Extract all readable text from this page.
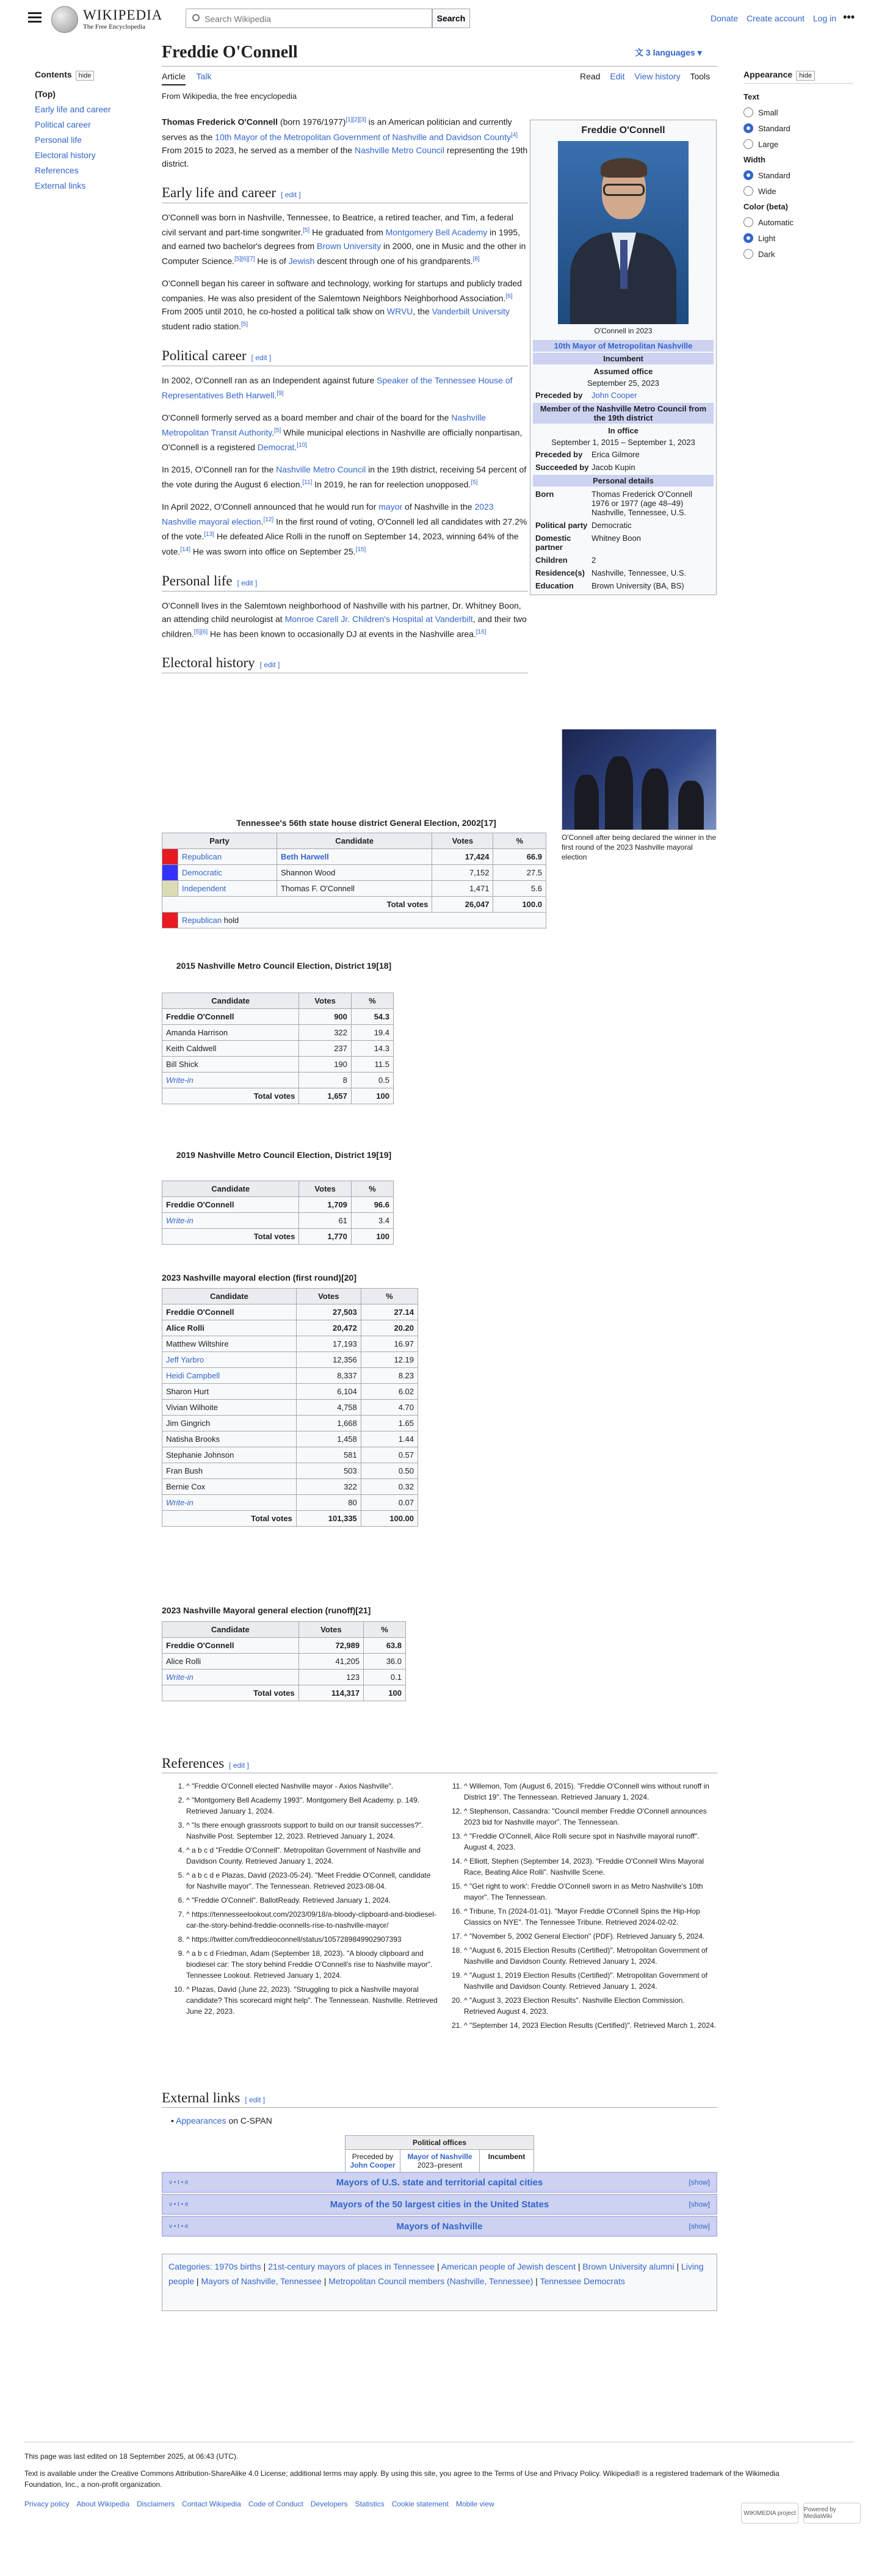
WIKIPEDIA
The Free Encyclopedia
Search Wikipedia
Search	Donate Create account Log in •••
Contents hide
(Top)
Early life and career
Political career
Personal life
Electoral history
References
External links
Freddie O'Connell	文 3 languages ▾
Article Talk	Read Edit View history Tools
From Wikipedia, the free encyclopedia

Thomas Frederick O'Connell (born 1976/1977)[1][2][3] is an American politician and currently serves as the 10th Mayor of the Metropolitan Government of Nashville and Davidson County[4] From 2015 to 2023, he served as a member of the Nashville Metro Council representing the 19th district.

Early life and career [ edit ]

O'Connell was born in Nashville, Tennessee, to Beatrice, a retired teacher, and Tim, a federal civil servant and part-time songwriter.[5] He graduated from Montgomery Bell Academy in 1995, and earned two bachelor's degrees from Brown University in 2000, one in Music and the other in Computer Science.[5][6][7] He is of Jewish descent through one of his grandparents.[8]

O'Connell began his career in software and technology, working for startups and publicly traded companies. He was also president of the Salemtown Neighbors Neighborhood Association.[6] From 2005 until 2010, he co-hosted a political talk show on WRVU, the Vanderbilt University student radio station.[5]

Political career [ edit ]

In 2002, O'Connell ran as an Independent against future Speaker of the Tennessee House of Representatives Beth Harwell.[9]

O'Connell formerly served as a board member and chair of the board for the Nashville Metropolitan Transit Authority.[5] While municipal elections in Nashville are officially nonpartisan, O'Connell is a registered Democrat.[10]

In 2015, O'Connell ran for the Nashville Metro Council in the 19th district, receiving 54 percent of the vote during the August 6 election.[11] In 2019, he ran for reelection unopposed.[5]

In April 2022, O'Connell announced that he would run for mayor of Nashville in the 2023 Nashville mayoral election.[12] In the first round of voting, O'Connell led all candidates with 27.2% of the vote.[13] He defeated Alice Rolli in the runoff on September 14, 2023, winning 64% of the vote.[14] He was sworn into office on September 25.[15]

Personal life [ edit ]

O'Connell lives in the Salemtown neighborhood of Nashville with his partner, Dr. Whitney Boon, an attending child neurologist at Monroe Carell Jr. Children's Hospital at Vanderbilt, and their two children.[5][6] He has been known to occasionally DJ at events in the Nashville area.[16]

Electoral history [ edit ]
Freddie O'Connell
O'Connell in 2023
10th Mayor of Metropolitan Nashville
Incumbent
Assumed office
September 25, 2023
Preceded by	John Cooper
Member of the Nashville Metro Council from the 19th district
In office
September 1, 2015 – September 1, 2023
Preceded by	Erica Gilmore
Succeeded by Jacob Kupin
Personal details
Born	Thomas Frederick O'Connell
1976 or 1977 (age 48–49)
Nashville, Tennessee, U.S.
Political party Democratic
Domestic partner
Whitney Boon
Children	2
Residence(s) Nashville, Tennessee, U.S.
Education	Brown University (BA, BS)
O'Connell after being declared the winner in the first round of the 2023 Nashville mayoral election
Tennessee's 56th state house district General Election, 2002[17]
Party		Candidate	Votes	%
	Republican	Beth Harwell	17,424	66.9
	Democratic	Shannon Wood	7,152	27.5
	Independent	Thomas F. O'Connell	1,471	5.6
Total votes			26,047	100.0
	Republican hold			
2015 Nashville Metro Council Election, District 19[18]
Candidate	Votes	%
Freddie O'Connell	900	54.3
Amanda Harrison	322	19.4
Keith Caldwell	237	14.3
Bill Shick	190	11.5
Write-in	8	0.5
Total votes	1,657	100
2019 Nashville Metro Council Election, District 19[19]
Candidate	Votes	%
Freddie O'Connell	1,709	96.6
Write-in	61	3.4
Total votes	1,770	100
2023 Nashville mayoral election (first round)[20]
Candidate	Votes	%
Freddie O'Connell	27,503	27.14
Alice Rolli	20,472	20.20
Matthew Wiltshire	17,193	16.97
Jeff Yarbro	12,356	12.19
Heidi Campbell	8,337	8.23
Sharon Hurt	6,104	6.02
Vivian Wilhoite	4,758	4.70
Jim Gingrich	1,668	1.65
Natisha Brooks	1,458	1.44
Stephanie Johnson	581	0.57
Fran Bush	503	0.50
Bernie Cox	322	0.32
Write-in	80	0.07
Total votes	101,335	100.00
2023 Nashville Mayoral general election (runoff)[21]
Candidate	Votes	%
Freddie O'Connell	72,989	63.8
Alice Rolli	41,205	36.0
Write-in	123	0.1
Total votes	114,317	100
References [ edit ]
1. ^ "Freddie O'Connell elected Nashville mayor - Axios Nashville".
2. ^ "Montgomery Bell Academy 1993". Montgomery Bell Academy. p. 149. Retrieved January 1, 2024.
3. ^ "Is there enough grassroots support to build on our transit successes?". Nashville Post. September 12, 2023. Retrieved January 1, 2024.
4. ^ a b c d "Freddie O'Connell". Metropolitan Government of Nashville and Davidson County. Retrieved January 1, 2024.
5. ^ a b c d e Plazas, David (2023-05-24). "Meet Freddie O'Connell, candidate for Nashville mayor". The Tennessean. Retrieved 2023-08-04.
6. ^ "Freddie O'Connell". BallotReady. Retrieved January 1, 2024.
7. ^ https://tennesseelookout.com/2023/09/18/a-bloody-clipboard-and-biodiesel-car-the-story-behind-freddie-oconnells-rise-to-nashville-mayor/
8. ^ https://twitter.com/freddieoconnell/status/1057289849902907393
9. ^ a b c d Friedman, Adam (September 18, 2023). "A bloody clipboard and biodiesel car: The story behind Freddie O'Connell's rise to Nashville mayor". Tennessee Lookout. Retrieved January 1, 2024.
10. ^ Plazas, David (June 22, 2023). "Struggling to pick a Nashville mayoral candidate? This scorecard might help". The Tennessean. Nashville. Retrieved June 22, 2023.
11. ^ Willemon, Tom (August 6, 2015). "Freddie O'Connell wins without runoff in District 19". The Tennessean. Retrieved January 1, 2024.
12. ^ Stephenson, Cassandra: "Council member Freddie O'Connell announces 2023 bid for Nashville mayor". The Tennessean.
13. ^ "Freddie O'Connell, Alice Rolli secure spot in Nashville mayoral runoff". August 4, 2023.
14. ^ Elliott, Stephen (September 14, 2023). "Freddie O'Connell Wins Mayoral Race, Beating Alice Rolli". Nashville Scene.
15. ^ "Get right to work': Freddie O'Connell sworn in as Metro Nashville's 10th mayor". The Tennessean.
16. ^ Tribune, Tn (2024-01-01). "Mayor Freddie O'Connell Spins the Hip-Hop Classics on NYE". The Tennessee Tribune. Retrieved 2024-02-02.
17. ^ "November 5, 2002 General Election" (PDF). Retrieved January 5, 2024.
18. ^ "August 6, 2015 Election Results (Certified)". Metropolitan Government of Nashville and Davidson County. Retrieved January 1, 2024.
19. ^ "August 1, 2019 Election Results (Certified)". Metropolitan Government of Nashville and Davidson County. Retrieved January 1, 2024.
20. ^ "August 3, 2023 Election Results". Nashville Election Commission. Retrieved August 4, 2023.
21. ^ "September 14, 2023 Election Results (Certified)". Retrieved March 1, 2024.
External links [ edit ]
• Appearances on C-SPAN
Political offices
Preceded by
John Cooper
Mayor of Nashville
2023–present
Incumbent
v • t • e	Mayors of U.S. state and territorial capital cities	[show]
v • t • e	Mayors of the 50 largest cities in the United States	[show]
v • t • e	Mayors of Nashville	[show]
Categories: 1970s births | 21st-century mayors of places in Tennessee | American people of Jewish descent | Brown University alumni | Living people | Mayors of Nashville, Tennessee | Metropolitan Council members (Nashville, Tennessee) | Tennessee Democrats
Appearance hide
Text
Small
Standard
Large
Width
Standard
Wide
Color (beta)
Automatic
Light
Dark
This page was last edited on 18 September 2025, at 06:43 (UTC).
Text is available under the Creative Commons Attribution-ShareAlike 4.0 License; additional terms may apply. By using this site, you agree to the Terms of Use and Privacy Policy. Wikipedia® is a registered trademark of the Wikimedia Foundation, Inc., a non-profit organization.
Privacy policy About Wikipedia Disclaimers Contact Wikipedia Code of Conduct Developers Statistics Cookie statement Mobile view
WIKIMEDIA project	Powered by MediaWiki
